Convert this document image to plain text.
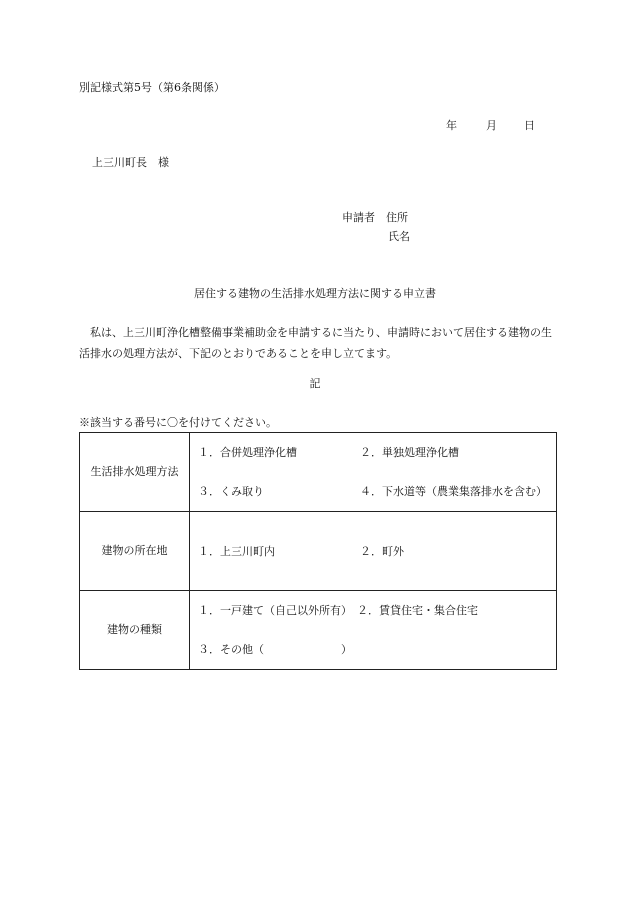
別記様式第5号（第6条関係）
年	月 日
上三川町長　様
申請者　住所
氏名
居住する建物の生活排水処理方法に関する申立書
私は、上三川町浄化槽整備事業補助金を申請するに当たり、申請時において居住する建物の生活排水の処理方法が、下記のとおりであることを申し立てます。
記
※該当する番号に〇を付けてください。
生活排水処理方法	１．合併処理浄化槽 ２．単独処理浄化槽
３．くみ取り ４．下水道等（農業集落排水を含む）

建物の所在地	１．上三川町内 ２．町外

建物の種類	１．一戸建て（自己以外所有） ２．賃貸住宅・集合住宅
３．その他（　　　　　　　）
